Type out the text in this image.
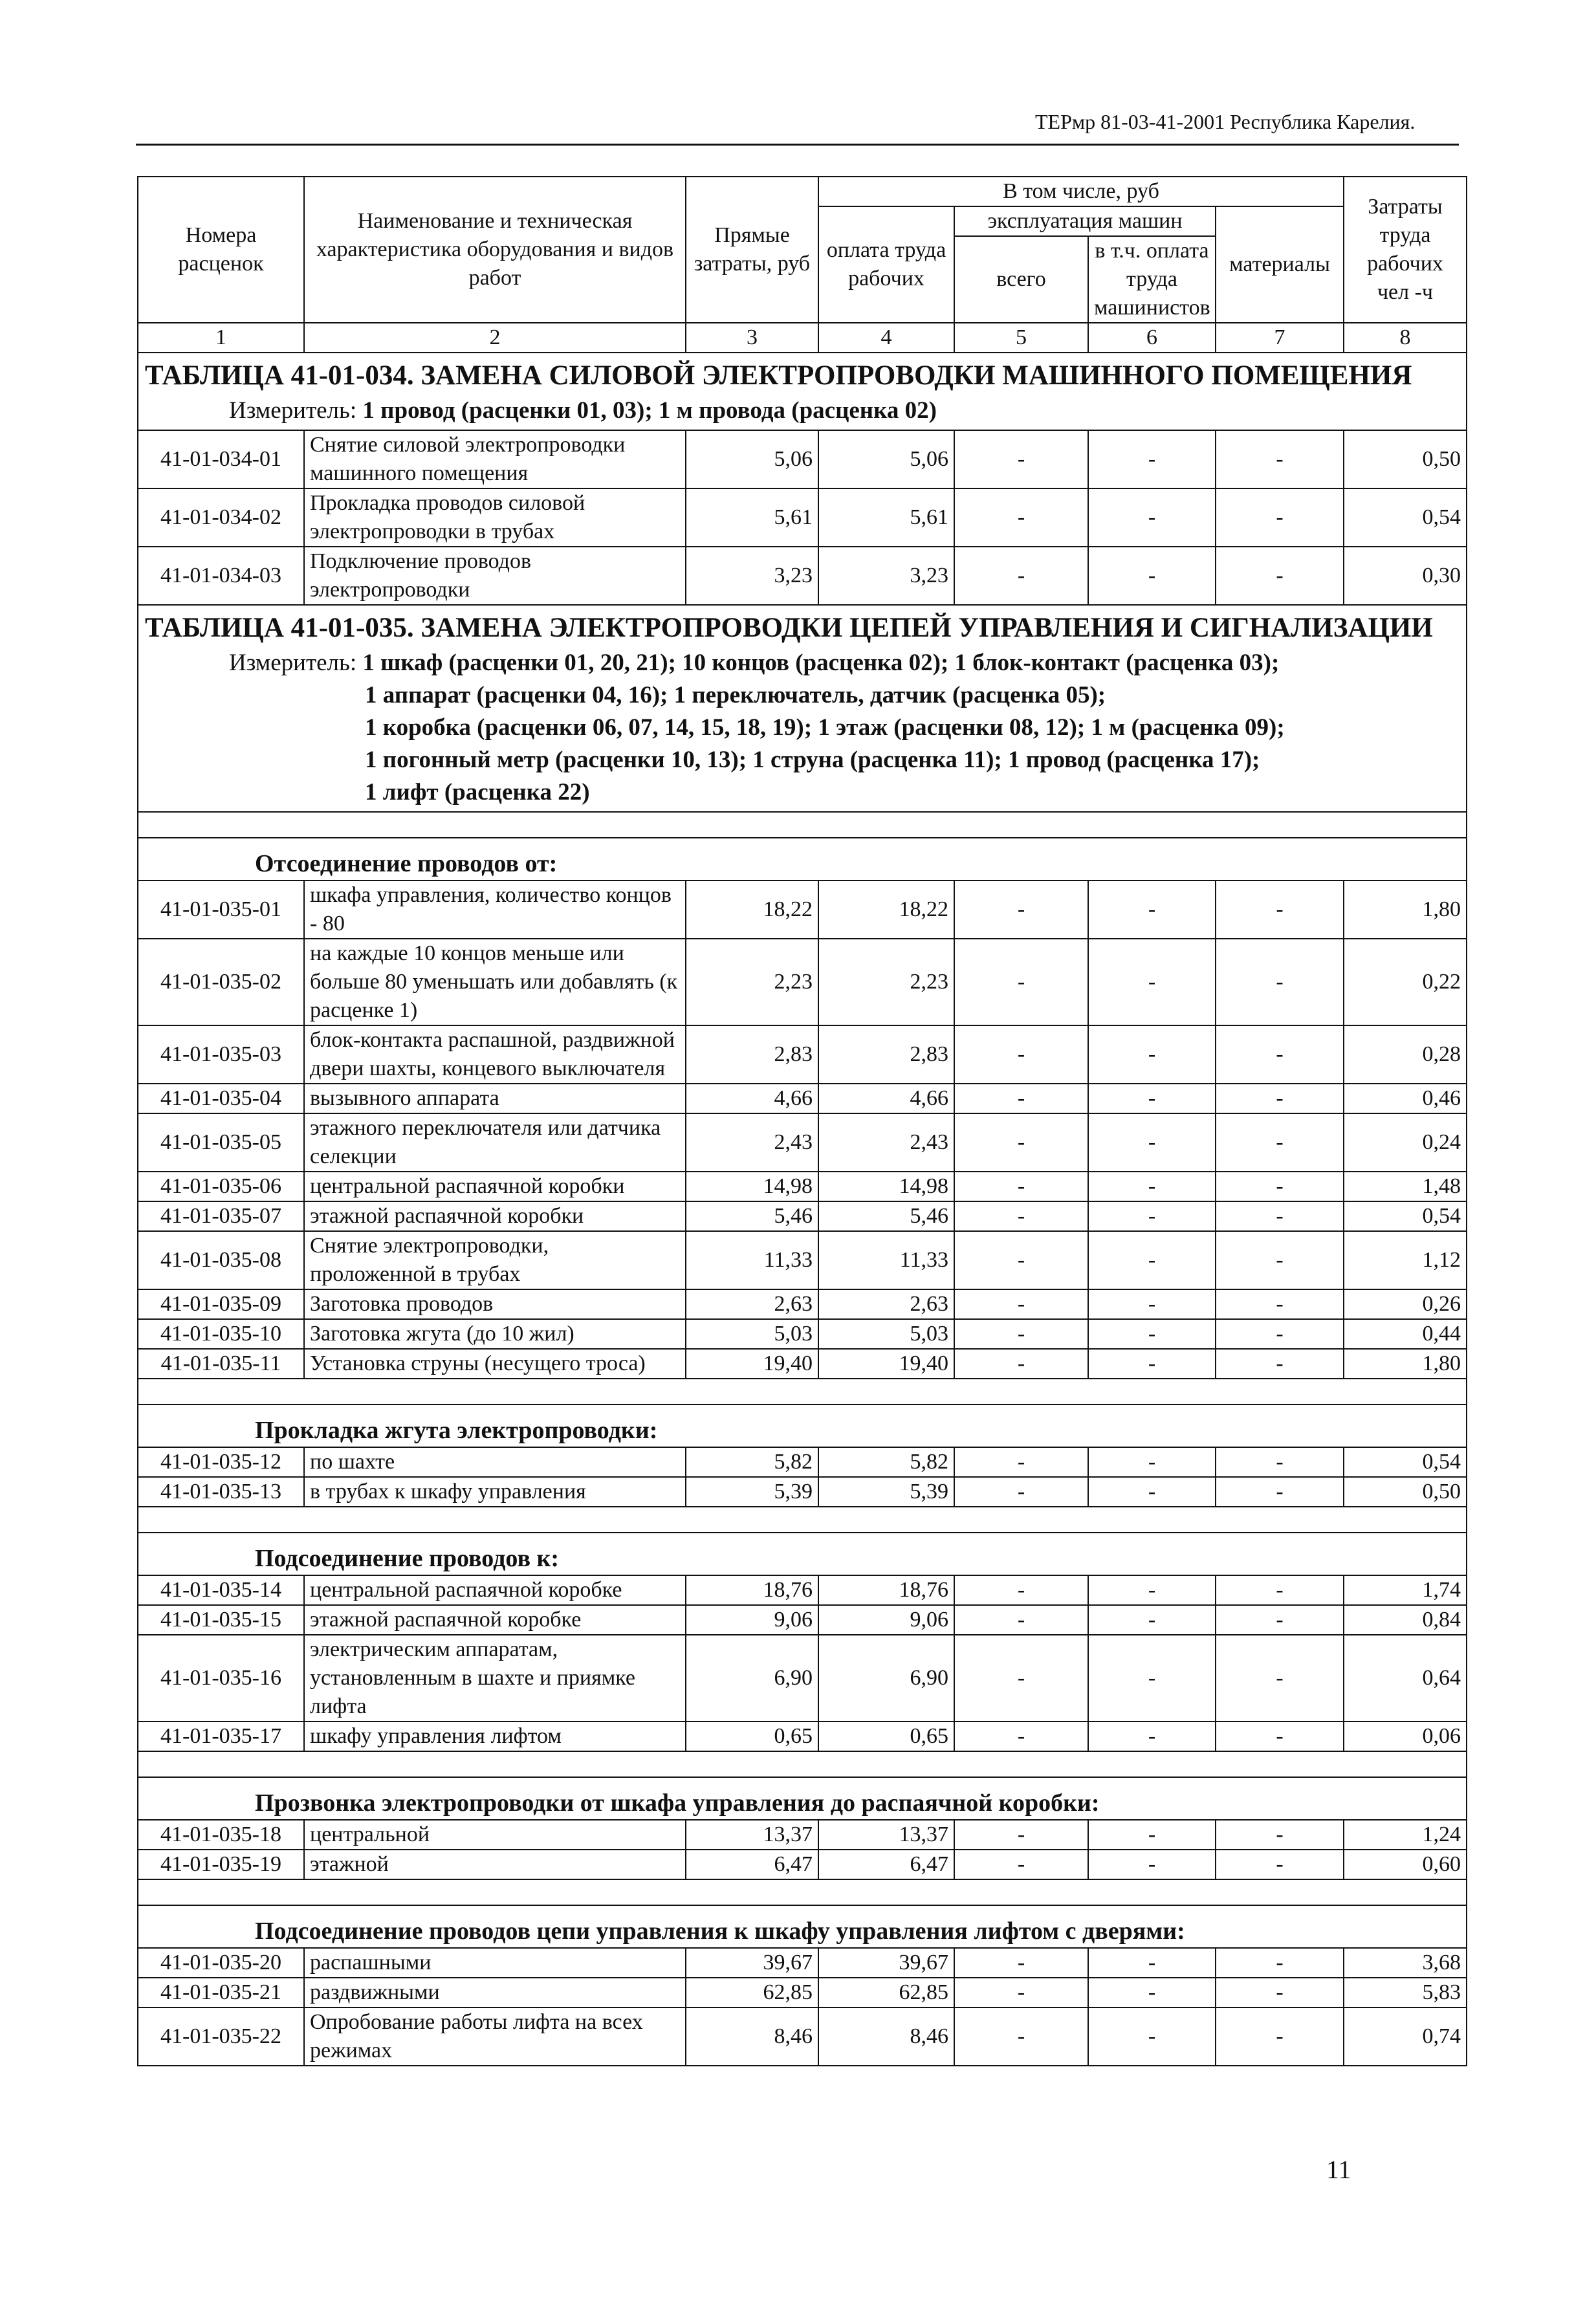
ТЕРмр 81-03-41-2001 Республика Карелия.
Номера расценок	Наименование и техническая характеристика оборудования и видов работ	Прямые затраты, руб	В том числе, руб				Затраты труда рабочих чел -ч
			оплата труда рабочих	эксплуатация машин		материалы	
				всего	в т.ч. оплата труда машинистов		

1	2	3	4	5	6	7	8
ТАБЛИЦА 41-01-034. ЗАМЕНА СИЛОВОЙ ЭЛЕКТРОПРОВОДКИ МАШИННОГО ПОМЕЩЕНИЯ							
Измеритель: 1 провод (расценки 01, 03); 1 м провода (расценка 02)							
41-01-034-01	Снятие силовой электропроводки машинного помещения	5,06	5,06	-	-	-	0,50
41-01-034-02	Прокладка проводов силовой электропроводки в трубах	5,61	5,61	-	-	-	0,54
41-01-034-03	Подключение проводов электропроводки	3,23	3,23	-	-	-	0,30
ТАБЛИЦА 41-01-035. ЗАМЕНА ЭЛЕКТРОПРОВОДКИ ЦЕПЕЙ УПРАВЛЕНИЯ И СИГНАЛИЗАЦИИ							
Измеритель: 1 шкаф (расценки 01, 20, 21); 10 концов (расценка 02); 1 блок-контакт (расценка 03);
1 аппарат (расценки 04, 16); 1 переключатель, датчик (расценка 05);
1 коробка (расценки 06, 07, 14, 15, 18, 19); 1 этаж (расценки 08, 12); 1 м (расценка 09);
1 погонный метр (расценки 10, 13); 1 струна (расценка 11); 1 провод (расценка 17);
1 лифт (расценка 22)							

Отсоединение проводов от:							
41-01-035-01	шкафа управления, количество концов - 80	18,22	18,22	-	-	-	1,80
41-01-035-02	на каждые 10 концов меньше или больше 80 уменьшать или добавлять (к расценке 1)	2,23	2,23	-	-	-	0,22
41-01-035-03	блок-контакта распашной, раздвижной двери шахты, концевого выключателя	2,83	2,83	-	-	-	0,28
41-01-035-04	вызывного аппарата	4,66	4,66	-	-	-	0,46
41-01-035-05	этажного переключателя или датчика селекции	2,43	2,43	-	-	-	0,24
41-01-035-06	центральной распаячной коробки	14,98	14,98	-	-	-	1,48
41-01-035-07	этажной распаячной коробки	5,46	5,46	-	-	-	0,54
41-01-035-08	Снятие электропроводки, проложенной в трубах	11,33	11,33	-	-	-	1,12
41-01-035-09	Заготовка проводов	2,63	2,63	-	-	-	0,26
41-01-035-10	Заготовка жгута (до 10 жил)	5,03	5,03	-	-	-	0,44
41-01-035-11	Установка струны (несущего троса)	19,40	19,40	-	-	-	1,80

Прокладка жгута электропроводки:							
41-01-035-12	по шахте	5,82	5,82	-	-	-	0,54
41-01-035-13	в трубах к шкафу управления	5,39	5,39	-	-	-	0,50

Подсоединение проводов к:							
41-01-035-14	центральной распаячной коробке	18,76	18,76	-	-	-	1,74
41-01-035-15	этажной распаячной коробке	9,06	9,06	-	-	-	0,84
41-01-035-16	электрическим аппаратам, установленным в шахте и приямке лифта	6,90	6,90	-	-	-	0,64
41-01-035-17	шкафу управления лифтом	0,65	0,65	-	-	-	0,06

Прозвонка электропроводки от шкафа управления до распаячной коробки:							
41-01-035-18	центральной	13,37	13,37	-	-	-	1,24
41-01-035-19	этажной	6,47	6,47	-	-	-	0,60

Подсоединение проводов цепи управления к шкафу управления лифтом с дверями:							
41-01-035-20	распашными	39,67	39,67	-	-	-	3,68
41-01-035-21	раздвижными	62,85	62,85	-	-	-	5,83
41-01-035-22	Опробование работы лифта на всех режимах	8,46	8,46	-	-	-	0,74
11
